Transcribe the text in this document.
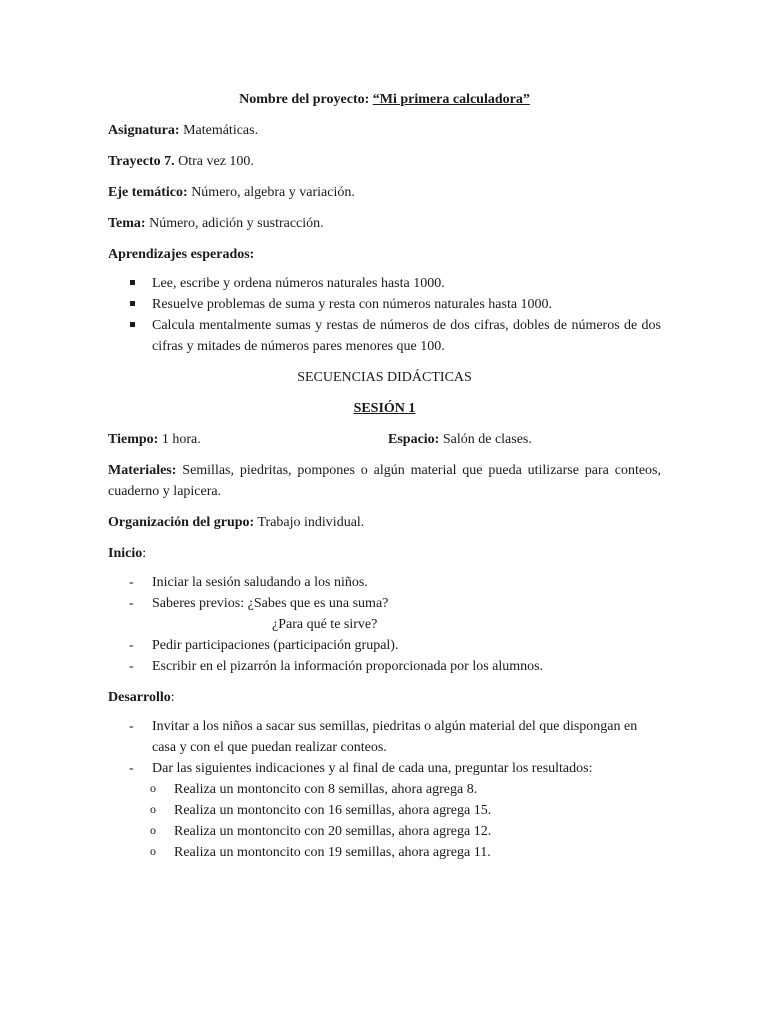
Nombre del proyecto: “Mi primera calculadora”

Asignatura: Matemáticas.

Trayecto 7. Otra vez 100.

Eje temático: Número, algebra y variación.

Tema: Número, adición y sustracción.

Aprendizajes esperados:

Lee, escribe y ordena números naturales hasta 1000.
Resuelve problemas de suma y resta con números naturales hasta 1000.
Calcula mentalmente sumas y restas de números de dos cifras, dobles de números de dos cifras y mitades de números pares menores que 100.

SECUENCIAS DIDÁCTICAS

SESIÓN 1

Tiempo: 1 hora.	Espacio: Salón de clases.

Materiales: Semillas, piedritas, pompones o algún material que pueda utilizarse para conteos, cuaderno y lapicera.

Organización del grupo: Trabajo individual.

Inicio:

- Iniciar la sesión saludando a los niños.
- Saberes previos: ¿Sabes que es una suma?
¿Para qué te sirve?
- Pedir participaciones (participación grupal).
- Escribir en el pizarrón la información proporcionada por los alumnos.

Desarrollo:

- Invitar a los niños a sacar sus semillas, piedritas o algún material del que dispongan en casa y con el que puedan realizar conteos.
- Dar las siguientes indicaciones y al final de cada una, preguntar los resultados:
o Realiza un montoncito con 8 semillas, ahora agrega 8.
o Realiza un montoncito con 16 semillas, ahora agrega 15.
o Realiza un montoncito con 20 semillas, ahora agrega 12.
o Realiza un montoncito con 19 semillas, ahora agrega 11.
